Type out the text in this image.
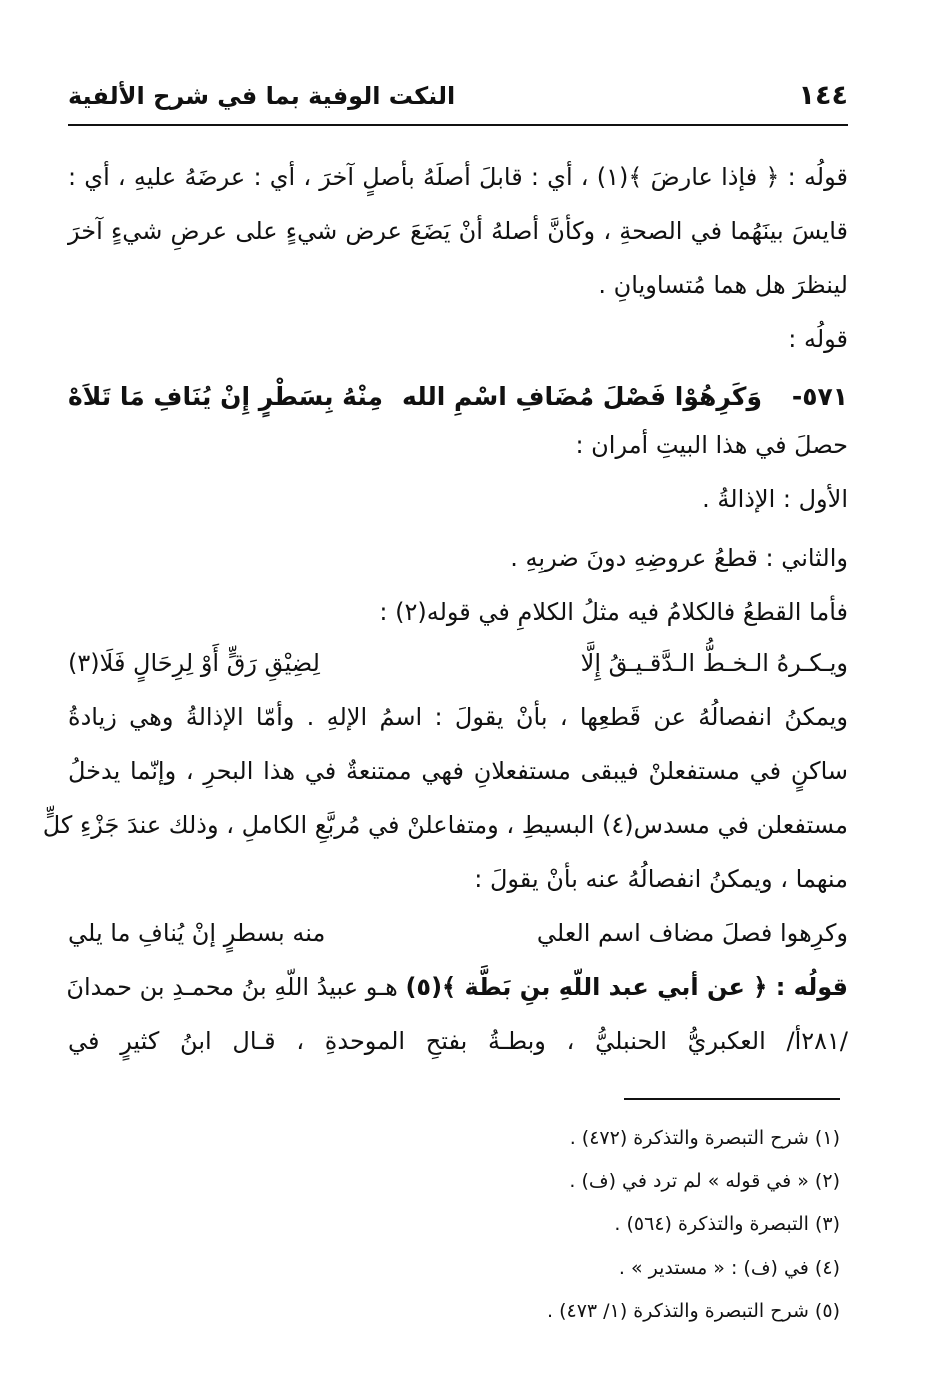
١٤٤
النكت الوفية بما في شرح الألفية
قولُه : ﴿ فإذا عارضَ ﴾(١) ، أي : قابلَ أصلَهُ بأصلٍ آخرَ ، أي : عرضَهُ عليهِ ، أي :
قايسَ بينَهُما في الصحةِ ، وكأنَّ أصلهُ أنْ يَضَعَ عرض شيءٍ على عرضِ شيءٍ آخرَ
لينظرَ هل هما مُتساويانِ .
قولُه :
٥٧١-
وَكَرِهُوْا فَصْلَ مُضَافِ اسْمِ الله
مِنْهُ بِسَطْرٍ إِنْ يُنَافِ مَا تَلاَهْ
حصلَ في هذا البيتِ أمران :
الأول : الإذالةُ .
والثاني : قطعُ عروضِهِ دونَ ضربِهِ .
فأما القطعُ فالكلامُ فيه مثلُ الكلامِ في قوله(٢) :
ويـكـرهُ الـخـطُّ الـدَّقـيـقُ إِلَّا
لِضِيْقِ رَقٍّ أَوْ لِرِحَالٍ فَلَا(٣)
ويمكنُ انفصالُهُ عن قَطعِها ، بأنْ يقولَ : اسمُ الإلهِ . وأمّا الإذالةُ وهي زيادةُ
ساكنٍ في مستفعلنْ فيبقى مستفعلانِ فهي ممتنعةٌ في هذا البحرِ ، وإنّما يدخلُ
مستفعلن في مسدس(٤) البسيطِ ، ومتفاعلنْ في مُربَّعِ الكاملِ ، وذلك عندَ جَزْءِ كلٍّ
منهما ، ويمكنُ انفصالُهُ عنه بأنْ يقولَ :
وكرِهوا فصلَ مضاف اسم العلي
منه بسطرٍ إنْ يُنافِ ما يلي
قولُه : ﴿ عن أبي عبد اللّهِ بنِ بَطَّة ﴾(٥) هـو عبيدُ اللّهِ بنُ محمـدِ بن حمدانَ
/٢٨١أ/ العكبريُّ الحنبليُّ ، وبطـةُ بفتحِ الموحدةِ ، قـال ابنُ كثيرٍ في
(١) شرح التبصرة والتذكرة (٤٧٢) .
(٢) « في قوله » لم ترد في (ف) .
(٣) التبصرة والتذكرة (٥٦٤) .
(٤) في (ف) : « مستدير » .
(٥) شرح التبصرة والتذكرة (١/ ٤٧٣) .
